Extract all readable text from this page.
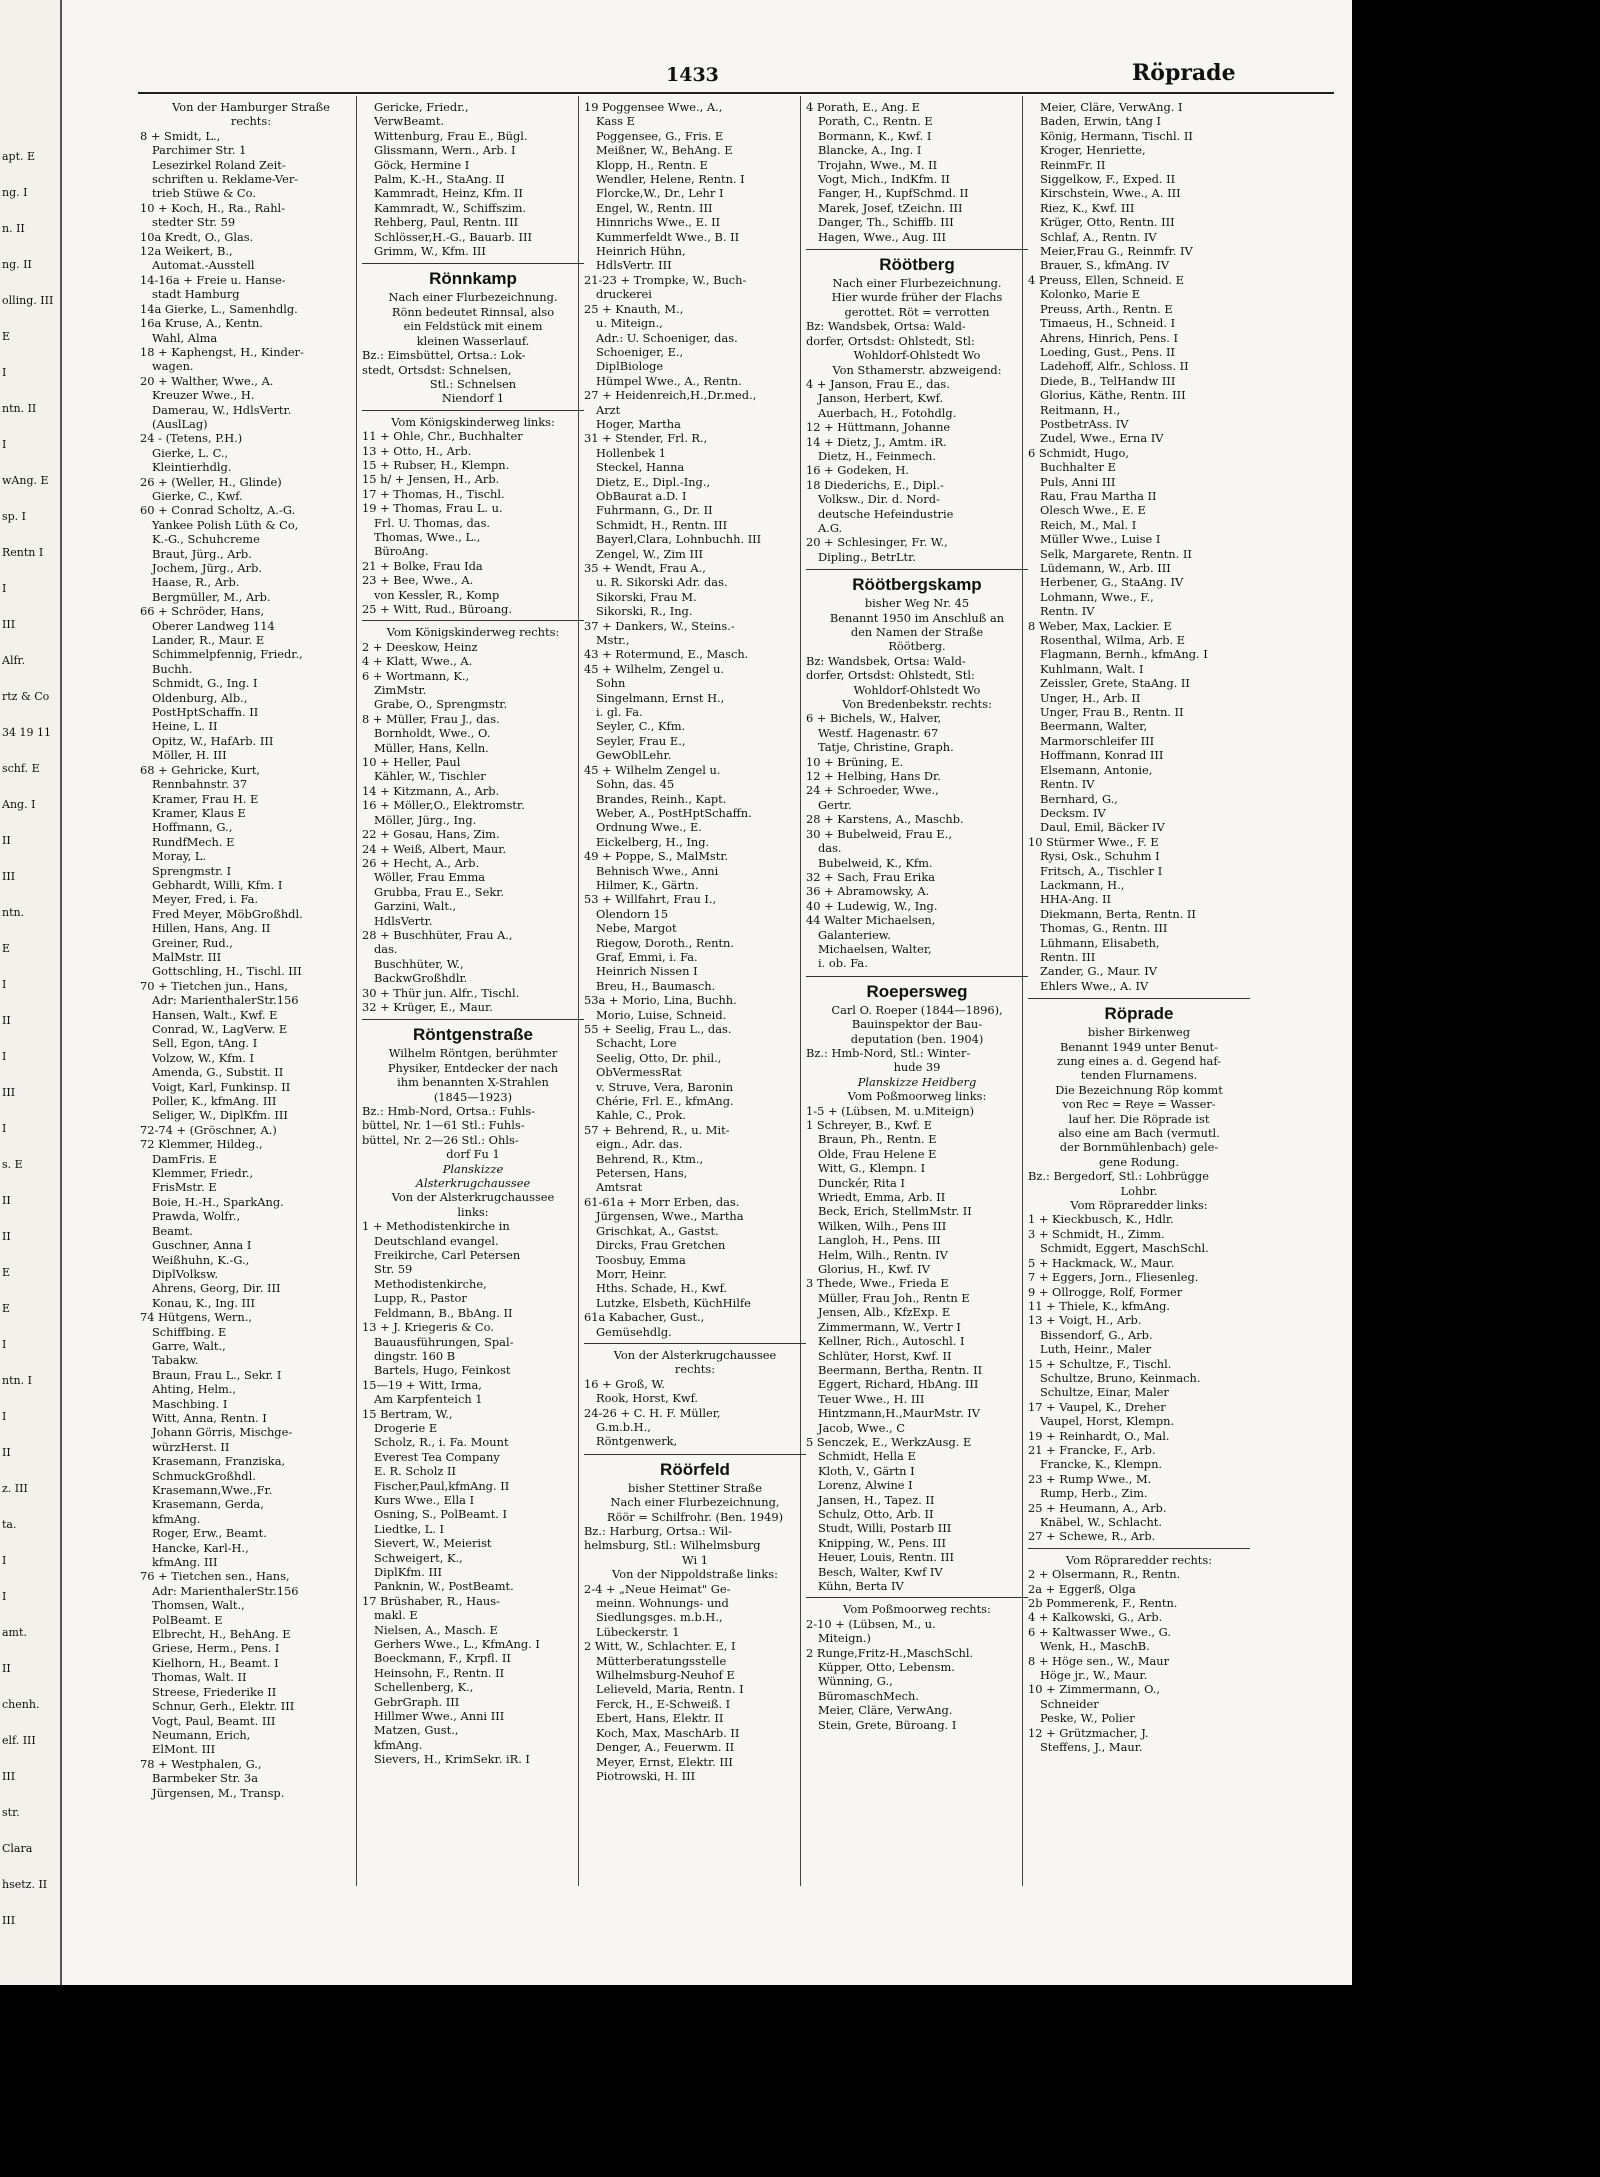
apt. E
ng. I
n. II
ng. II
olling. III
E
I
ntn. II
I
wAng. E
sp. I
Rentn I
I
III
Alfr.
rtz & Co
34 19 11
schf. E
Ang. I
II
III
ntn.
E
I
II
I
III
I
s. E
II
II
E
E
I
ntn. I
I
II
z. III
ta.
I
I
amt.
II
chenh.
elf. III
III
str.
Clara
hsetz. II
III
1433	Röprade
Von der Hamburger Straße
rechts:
8 + Smidt, L.,
Parchimer Str. 1
Lesezirkel Roland Zeit-
schriften u. Reklame-Ver-
trieb Stüwe & Co.
10 + Koch, H., Ra., Rahl-
stedter Str. 59
10a Kredt, O., Glas.
12a Weikert, B.,
Automat.-Ausstell
14-16a + Freie u. Hanse-
stadt Hamburg
14a Gierke, L., Samenhdlg.
16a Kruse, A., Kentn.
Wahl, Alma
18 + Kaphengst, H., Kinder-
wagen.
20 + Walther, Wwe., A.
Kreuzer Wwe., H.
Damerau, W., HdlsVertr.
(AuslLag)
24 - (Tetens, P.H.)
Gierke, L. C.,
Kleintierhdlg.
26 + (Weller, H., Glinde)
Gierke, C., Kwf.
60 + Conrad Scholtz, A.-G.
Yankee Polish Lüth & Co,
K.-G., Schuhcreme
Braut, Jürg., Arb.
Jochem, Jürg., Arb.
Haase, R., Arb.
Bergmüller, M., Arb.
66 + Schröder, Hans,
Oberer Landweg 114
Lander, R., Maur. E
Schimmelpfennig, Friedr.,
Buchh.
Schmidt, G., Ing. I
Oldenburg, Alb.,
PostHptSchaffn. II
Heine, L. II
Opitz, W., HafArb. III
Möller, H. III
68 + Gehricke, Kurt,
Rennbahnstr. 37
Kramer, Frau H. E
Kramer, Klaus E
Hoffmann, G.,
RundfMech. E
Moray, L.
Sprengmstr. I
Gebhardt, Willi, Kfm. I
Meyer, Fred, i. Fa.
Fred Meyer, MöbGroßhdl.
Hillen, Hans, Ang. II
Greiner, Rud.,
MalMstr. III
Gottschling, H., Tischl. III
70 + Tietchen jun., Hans,
Adr: MarienthalerStr.156
Hansen, Walt., Kwf. E
Conrad, W., LagVerw. E
Sell, Egon, tAng. I
Volzow, W., Kfm. I
Amenda, G., Substit. II
Voigt, Karl, Funkinsp. II
Poller, K., kfmAng. III
Seliger, W., DiplKfm. III
72-74 + (Gröschner, A.)
72 Klemmer, Hildeg.,
DamFris. E
Klemmer, Friedr.,
FrisMstr. E
Boie, H.-H., SparkAng.
Prawda, Wolfr.,
Beamt.
Guschner, Anna I
Weißhuhn, K.-G.,
DiplVolksw.
Ahrens, Georg, Dir. III
Konau, K., Ing. III
74 Hütgens, Wern.,
Schiffbing. E
Garre, Walt.,
Tabakw.
Braun, Frau L., Sekr. I
Ahting, Helm.,
Maschbing. I
Witt, Anna, Rentn. I
Johann Görris, Mischge-
würzHerst. II
Krasemann, Franziska,
SchmuckGroßhdl.
Krasemann,Wwe.,Fr.
Krasemann, Gerda,
kfmAng.
Roger, Erw., Beamt.
Hancke, Karl-H.,
kfmAng. III
76 + Tietchen sen., Hans,
Adr: MarienthalerStr.156
Thomsen, Walt.,
PolBeamt. E
Elbrecht, H., BehAng. E
Griese, Herm., Pens. I
Kielhorn, H., Beamt. I
Thomas, Walt. II
Streese, Friederike II
Schnur, Gerh., Elektr. III
Vogt, Paul, Beamt. III
Neumann, Erich,
ElMont. III
78 + Westphalen, G.,
Barmbeker Str. 3a
Jürgensen, M., Transp.
Gericke, Friedr.,
VerwBeamt.
Wittenburg, Frau E., Bügl.
Glissmann, Wern., Arb. I
Göck, Hermine I
Palm, K.-H., StaAng. II
Kammradt, Heinz, Kfm. II
Kammradt, W., Schiffszim.
Rehberg, Paul, Rentn. III
Schlösser,H.-G., Bauarb. III
Grimm, W., Kfm. III
Rönnkamp
Nach einer Flurbezeichnung.
Rönn bedeutet Rinnsal, also
ein Feldstück mit einem
kleinen Wasserlauf.
Bz.: Eimsbüttel, Ortsa.: Lok-
stedt, Ortsdst: Schnelsen,
Stl.: Schnelsen
Niendorf 1
Vom Königskinderweg links:
11 + Ohle, Chr., Buchhalter
13 + Otto, H., Arb.
15 + Rubser, H., Klempn.
15 h/ + Jensen, H., Arb.
17 + Thomas, H., Tischl.
19 + Thomas, Frau L. u.
Frl. U. Thomas, das.
Thomas, Wwe., L.,
BüroAng.
21 + Bolke, Frau Ida
23 + Bee, Wwe., A.
von Kessler, R., Komp
25 + Witt, Rud., Büroang.
Vom Königskinderweg rechts:
2 + Deeskow, Heinz
4 + Klatt, Wwe., A.
6 + Wortmann, K.,
ZimMstr.
Grabe, O., Sprengmstr.
8 + Müller, Frau J., das.
Bornholdt, Wwe., O.
Müller, Hans, Kelln.
10 + Heller, Paul
Kähler, W., Tischler
14 + Kitzmann, A., Arb.
16 + Möller,O., Elektromstr.
Möller, Jürg., Ing.
22 + Gosau, Hans, Zim.
24 + Weiß, Albert, Maur.
26 + Hecht, A., Arb.
Wöller, Frau Emma
Grubba, Frau E., Sekr.
Garzini, Walt.,
HdlsVertr.
28 + Buschhüter, Frau A.,
das.
Buschhüter, W.,
BackwGroßhdlr.
30 + Thür jun. Alfr., Tischl.
32 + Krüger, E., Maur.
Röntgenstraße
Wilhelm Röntgen, berühmter
Physiker, Entdecker der nach
ihm benannten X-Strahlen
(1845—1923)
Bz.: Hmb-Nord, Ortsa.: Fuhls-
büttel, Nr. 1—61 Stl.: Fuhls-
büttel, Nr. 2—26 Stl.: Ohls-
dorf Fu 1
Planskizze
Alsterkrugchaussee
Von der Alsterkrugchaussee
links:
1 + Methodistenkirche in
Deutschland evangel.
Freikirche, Carl Petersen
Str. 59
Methodistenkirche,
Lupp, R., Pastor
Feldmann, B., BbAng. II
13 + J. Kriegeris & Co.
Bauausführungen, Spal-
dingstr. 160 B
Bartels, Hugo, Feinkost
15—19 + Witt, Irma,
Am Karpfenteich 1
15 Bertram, W.,
Drogerie E
Scholz, R., i. Fa. Mount
Everest Tea Company
E. R. Scholz II
Fischer,Paul,kfmAng. II
Kurs Wwe., Ella I
Osning, S., PolBeamt. I
Liedtke, L. I
Sievert, W., Meierist
Schweigert, K.,
DiplKfm. III
Panknin, W., PostBeamt.
17 Brüshaber, R., Haus-
makl. E
Nielsen, A., Masch. E
Gerhers Wwe., L., KfmAng. I
Boeckmann, F., Krpfl. II
Heinsohn, F., Rentn. II
Schellenberg, K.,
GebrGraph. III
Hillmer Wwe., Anni III
Matzen, Gust.,
kfmAng.
Sievers, H., KrimSekr. iR. I
19 Poggensee Wwe., A.,
Kass E
Poggensee, G., Fris. E
Meißner, W., BehAng. E
Klopp, H., Rentn. E
Wendler, Helene, Rentn. I
Florcke,W., Dr., Lehr I
Engel, W., Rentn. III
Hinnrichs Wwe., E. II
Kummerfeldt Wwe., B. II
Heinrich Hühn,
HdlsVertr. III
21-23 + Trompke, W., Buch-
druckerei
25 + Knauth, M.,
u. Miteign.,
Adr.: U. Schoeniger, das.
Schoeniger, E.,
DiplBiologe
Hümpel Wwe., A., Rentn.
27 + Heidenreich,H.,Dr.med.,
Arzt
Hoger, Martha
31 + Stender, Frl. R.,
Hollenbek 1
Steckel, Hanna
Dietz, E., Dipl.-Ing.,
ObBaurat a.D. I
Fuhrmann, G., Dr. II
Schmidt, H., Rentn. III
Bayerl,Clara, Lohnbuchh. III
Zengel, W., Zim III
35 + Wendt, Frau A.,
u. R. Sikorski Adr. das.
Sikorski, Frau M.
Sikorski, R., Ing.
37 + Dankers, W., Steins.-
Mstr.,
43 + Rotermund, E., Masch.
45 + Wilhelm, Zengel u.
Sohn
Singelmann, Ernst H.,
i. gl. Fa.
Seyler, C., Kfm.
Seyler, Frau E.,
GewOblLehr.
45 + Wilhelm Zengel u.
Sohn, das. 45
Brandes, Reinh., Kapt.
Weber, A., PostHptSchaffn.
Ordnung Wwe., E.
Eickelberg, H., Ing.
49 + Poppe, S., MalMstr.
Behnisch Wwe., Anni
Hilmer, K., Gärtn.
53 + Willfahrt, Frau I.,
Olendorn 15
Nebe, Margot
Riegow, Doroth., Rentn.
Graf, Emmi, i. Fa.
Heinrich Nissen I
Breu, H., Baumasch.
53a + Morio, Lina, Buchh.
Morio, Luise, Schneid.
55 + Seelig, Frau L., das.
Schacht, Lore
Seelig, Otto, Dr. phil.,
ObVermessRat
v. Struve, Vera, Baronin
Chérie, Frl. E., kfmAng.
Kahle, C., Prok.
57 + Behrend, R., u. Mit-
eign., Adr. das.
Behrend, R., Ktm.,
Petersen, Hans,
Amtsrat
61-61a + Morr Erben, das.
Jürgensen, Wwe., Martha
Grischkat, A., Gastst.
Dircks, Frau Gretchen
Toosbuy, Emma
Morr, Heinr.
Hths. Schade, H., Kwf.
Lutzke, Elsbeth, KüchHilfe
61a Kabacher, Gust.,
Gemüsehdlg.
Von der Alsterkrugchaussee
rechts:
16 + Groß, W.
Rook, Horst, Kwf.
24-26 + C. H. F. Müller,
G.m.b.H.,
Röntgenwerk,
Röörfeld
bisher Stettiner Straße
Nach einer Flurbezeichnung,
Röör = Schilfrohr. (Ben. 1949)
Bz.: Harburg, Ortsa.: Wil-
helmsburg, Stl.: Wilhelmsburg
Wi 1
Von der Nippoldstraße links:
2-4 + „Neue Heimat" Ge-
meinn. Wohnungs- und
Siedlungsges. m.b.H.,
Lübeckerstr. 1
2 Witt, W., Schlachter. E, I
Mütterberatungsstelle
Wilhelmsburg-Neuhof E
Lelieveld, Maria, Rentn. I
Ferck, H., E-Schweiß. I
Ebert, Hans, Elektr. II
Koch, Max, MaschArb. II
Denger, A., Feuerwm. II
Meyer, Ernst, Elektr. III
Piotrowski, H. III
4 Porath, E., Ang. E
Porath, C., Rentn. E
Bormann, K., Kwf. I
Blancke, A., Ing. I
Trojahn, Wwe., M. II
Vogt, Mich., IndKfm. II
Fanger, H., KupfSchmd. II
Marek, Josef, tZeichn. III
Danger, Th., Schiffb. III
Hagen, Wwe., Aug. III
Röötberg
Nach einer Flurbezeichnung.
Hier wurde früher der Flachs
gerottet. Röt = verrotten
Bz: Wandsbek, Ortsa: Wald-
dorfer, Ortsdst: Ohlstedt, Stl:
Wohldorf-Ohlstedt Wo
Von Sthamerstr. abzweigend:
4 + Janson, Frau E., das.
Janson, Herbert, Kwf.
Auerbach, H., Fotohdlg.
12 + Hüttmann, Johanne
14 + Dietz, J., Amtm. iR.
Dietz, H., Feinmech.
16 + Godeken, H.
18 Diederichs, E., Dipl.-
Volksw., Dir. d. Nord-
deutsche Hefeindustrie
A.G.
20 + Schlesinger, Fr. W.,
Dipling., BetrLtr.
Röötbergskamp
bisher Weg Nr. 45
Benannt 1950 im Anschluß an
den Namen der Straße
Röötberg.
Bz: Wandsbek, Ortsa: Wald-
dorfer, Ortsdst: Ohlstedt, Stl:
Wohldorf-Ohlstedt Wo
Von Bredenbekstr. rechts:
6 + Bichels, W., Halver,
Westf. Hagenastr. 67
Tatje, Christine, Graph.
10 + Brüning, E.
12 + Helbing, Hans Dr.
24 + Schroeder, Wwe.,
Gertr.
28 + Karstens, A., Maschb.
30 + Bubelweid, Frau E.,
das.
Bubelweid, K., Kfm.
32 + Sach, Frau Erika
36 + Abramowsky, A.
40 + Ludewig, W., Ing.
44 Walter Michaelsen,
Galanteriew.
Michaelsen, Walter,
i. ob. Fa.
Roepersweg
Carl O. Roeper (1844—1896),
Bauinspektor der Bau-
deputation (ben. 1904)
Bz.: Hmb-Nord, Stl.: Winter-
hude 39
Planskizze Heidberg
Vom Poßmoorweg links:
1-5 + (Lübsen, M. u.Miteign)
1 Schreyer, B., Kwf. E
Braun, Ph., Rentn. E
Olde, Frau Helene E
Witt, G., Klempn. I
Dunckér, Rita I
Wriedt, Emma, Arb. II
Beck, Erich, StellmMstr. II
Wilken, Wilh., Pens III
Langloh, H., Pens. III
Helm, Wilh., Rentn. IV
Glorius, H., Kwf. IV
3 Thede, Wwe., Frieda E
Müller, Frau Joh., Rentn E
Jensen, Alb., KfzExp. E
Zimmermann, W., Vertr I
Kellner, Rich., Autoschl. I
Schlüter, Horst, Kwf. II
Beermann, Bertha, Rentn. II
Eggert, Richard, HbAng. III
Teuer Wwe., H. III
Hintzmann,H.,MaurMstr. IV
Jacob, Wwe., C
5 Senczek, E., WerkzAusg. E
Schmidt, Hella E
Kloth, V., Gärtn I
Lorenz, Alwine I
Jansen, H., Tapez. II
Schulz, Otto, Arb. II
Studt, Willi, Postarb III
Knipping, W., Pens. III
Heuer, Louis, Rentn. III
Besch, Walter, Kwf IV
Kühn, Berta IV
Vom Poßmoorweg rechts:
2-10 + (Lübsen, M., u.
Miteign.)
2 Runge,Fritz-H.,MaschSchl.
Küpper, Otto, Lebensm.
Wünning, G.,
BüromaschMech.
Meier, Cläre, VerwAng.
Stein, Grete, Büroang. I
Meier, Cläre, VerwAng. I
Baden, Erwin, tAng I
König, Hermann, Tischl. II
Kroger, Henriette,
ReinmFr. II
Siggelkow, F., Exped. II
Kirschstein, Wwe., A. III
Riez, K., Kwf. III
Krüger, Otto, Rentn. III
Schlaf, A., Rentn. IV
Meier,Frau G., Reinmfr. IV
Brauer, S., kfmAng. IV
4 Preuss, Ellen, Schneid. E
Kolonko, Marie E
Preuss, Arth., Rentn. E
Timaeus, H., Schneid. I
Ahrens, Hinrich, Pens. I
Loeding, Gust., Pens. II
Ladehoff, Alfr., Schloss. II
Diede, B., TelHandw III
Glorius, Käthe, Rentn. III
Reitmann, H.,
PostbetrAss. IV
Zudel, Wwe., Erna IV
6 Schmidt, Hugo,
Buchhalter E
Puls, Anni III
Rau, Frau Martha II
Olesch Wwe., E. E
Reich, M., Mal. I
Müller Wwe., Luise I
Selk, Margarete, Rentn. II
Lüdemann, W., Arb. III
Herbener, G., StaAng. IV
Lohmann, Wwe., F.,
Rentn. IV
8 Weber, Max, Lackier. E
Rosenthal, Wilma, Arb. E
Flagmann, Bernh., kfmAng. I
Kuhlmann, Walt. I
Zeissler, Grete, StaAng. II
Unger, H., Arb. II
Unger, Frau B., Rentn. II
Beermann, Walter,
Marmorschleifer III
Hoffmann, Konrad III
Elsemann, Antonie,
Rentn. IV
Bernhard, G.,
Decksm. IV
Daul, Emil, Bäcker IV
10 Stürmer Wwe., F. E
Rysi, Osk., Schuhm I
Fritsch, A., Tischler I
Lackmann, H.,
HHA-Ang. II
Diekmann, Berta, Rentn. II
Thomas, G., Rentn. III
Lühmann, Elisabeth,
Rentn. III
Zander, G., Maur. IV
Ehlers Wwe., A. IV
Röprade
bisher Birkenweg
Benannt 1949 unter Benut-
zung eines a. d. Gegend haf-
tenden Flurnamens.
Die Bezeichnung Röp kommt
von Rec = Reye = Wasser-
lauf her. Die Röprade ist
also eine am Bach (vermutl.
der Bornmühlenbach) gele-
gene Rodung.
Bz.: Bergedorf, Stl.: Lohbrügge
Lohbr.
Vom Röpraredder links:
1 + Kieckbusch, K., Hdlr.
3 + Schmidt, H., Zimm.
Schmidt, Eggert, MaschSchl.
5 + Hackmack, W., Maur.
7 + Eggers, Jorn., Fliesenleg.
9 + Ollrogge, Rolf, Former
11 + Thiele, K., kfmAng.
13 + Voigt, H., Arb.
Bissendorf, G., Arb.
Luth, Heinr., Maler
15 + Schultze, F., Tischl.
Schultze, Bruno, Keinmach.
Schultze, Einar, Maler
17 + Vaupel, K., Dreher
Vaupel, Horst, Klempn.
19 + Reinhardt, O., Mal.
21 + Francke, F., Arb.
Francke, K., Klempn.
23 + Rump Wwe., M.
Rump, Herb., Zim.
25 + Heumann, A., Arb.
Knäbel, W., Schlacht.
27 + Schewe, R., Arb.
Vom Röpraredder rechts:
2 + Olsermann, R., Rentn.
2a + Eggerß, Olga
2b Pommerenk, F., Rentn.
4 + Kalkowski, G., Arb.
6 + Kaltwasser Wwe., G.
Wenk, H., MaschB.
8 + Höge sen., W., Maur
Höge jr., W., Maur.
10 + Zimmermann, O.,
Schneider
Peske, W., Polier
12 + Grützmacher, J.
Steffens, J., Maur.
